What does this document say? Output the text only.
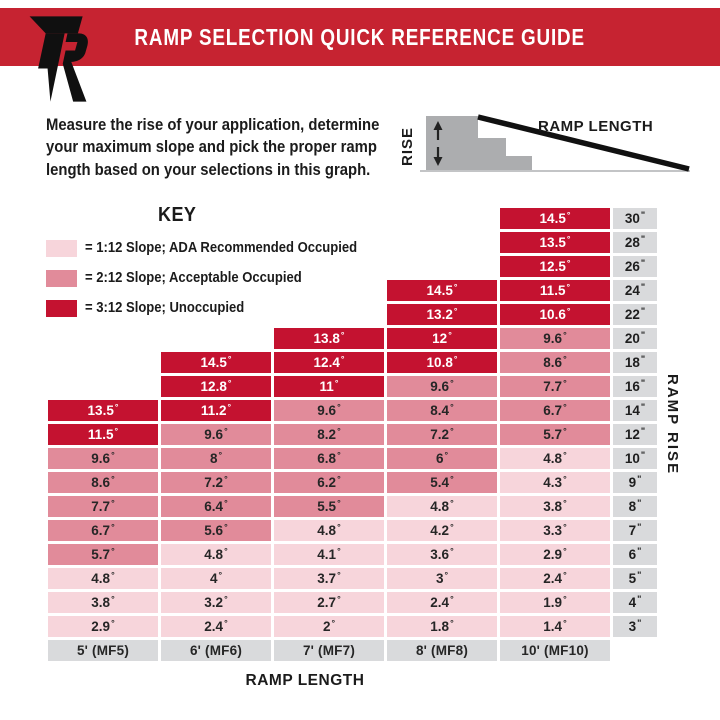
RAMP SELECTION QUICK REFERENCE GUIDE
Measure the rise of your application, determine
your maximum slope and pick the proper ramp
length based on your selections in this graph.
RISE
RAMP LENGTH
KEY
= 1:12 Slope; ADA Recommended Occupied
= 2:12 Slope; Acceptable Occupied
= 3:12 Slope; Unoccupied
14.5 °	30 "
13.5 °	28 "
12.5 °	26 "
14.5 °	11.5 °	24 "
13.2 °	10.6 °	22 "
13.8 °	12 °	9.6 °	20 "
14.5 °	12.4 °	10.8 °	8.6 °	18 "
12.8 °	11 °	9.6 °	7.7 °	16 "
13.5 °	11.2 °	9.6 °	8.4 °	6.7 °	14 "
11.5 °	9.6 °	8.2 °	7.2 °	5.7 °	12 "
9.6 °	8 °	6.8 °	6 °	4.8 °	10 "
8.6 °	7.2 °	6.2 °	5.4 °	4.3 °	9 "
7.7 °	6.4 °	5.5 °	4.8 °	3.8 °	8 "
6.7 °	5.6 °	4.8 °	4.2 °	3.3 °	7 "
5.7 °	4.8 °	4.1 °	3.6 °	2.9 °	6 "
4.8 °	4 °	3.7 °	3 °	2.4 °	5 "
3.8 °	3.2 °	2.7 °	2.4 °	1.9 °	4 "
2.9 °	2.4 °	2 °	1.8 °	1.4 °	3 "
5' (MF5)	6' (MF6)	7' (MF7)	8' (MF8)	10' (MF10)
RAMP RISE
RAMP LENGTH
